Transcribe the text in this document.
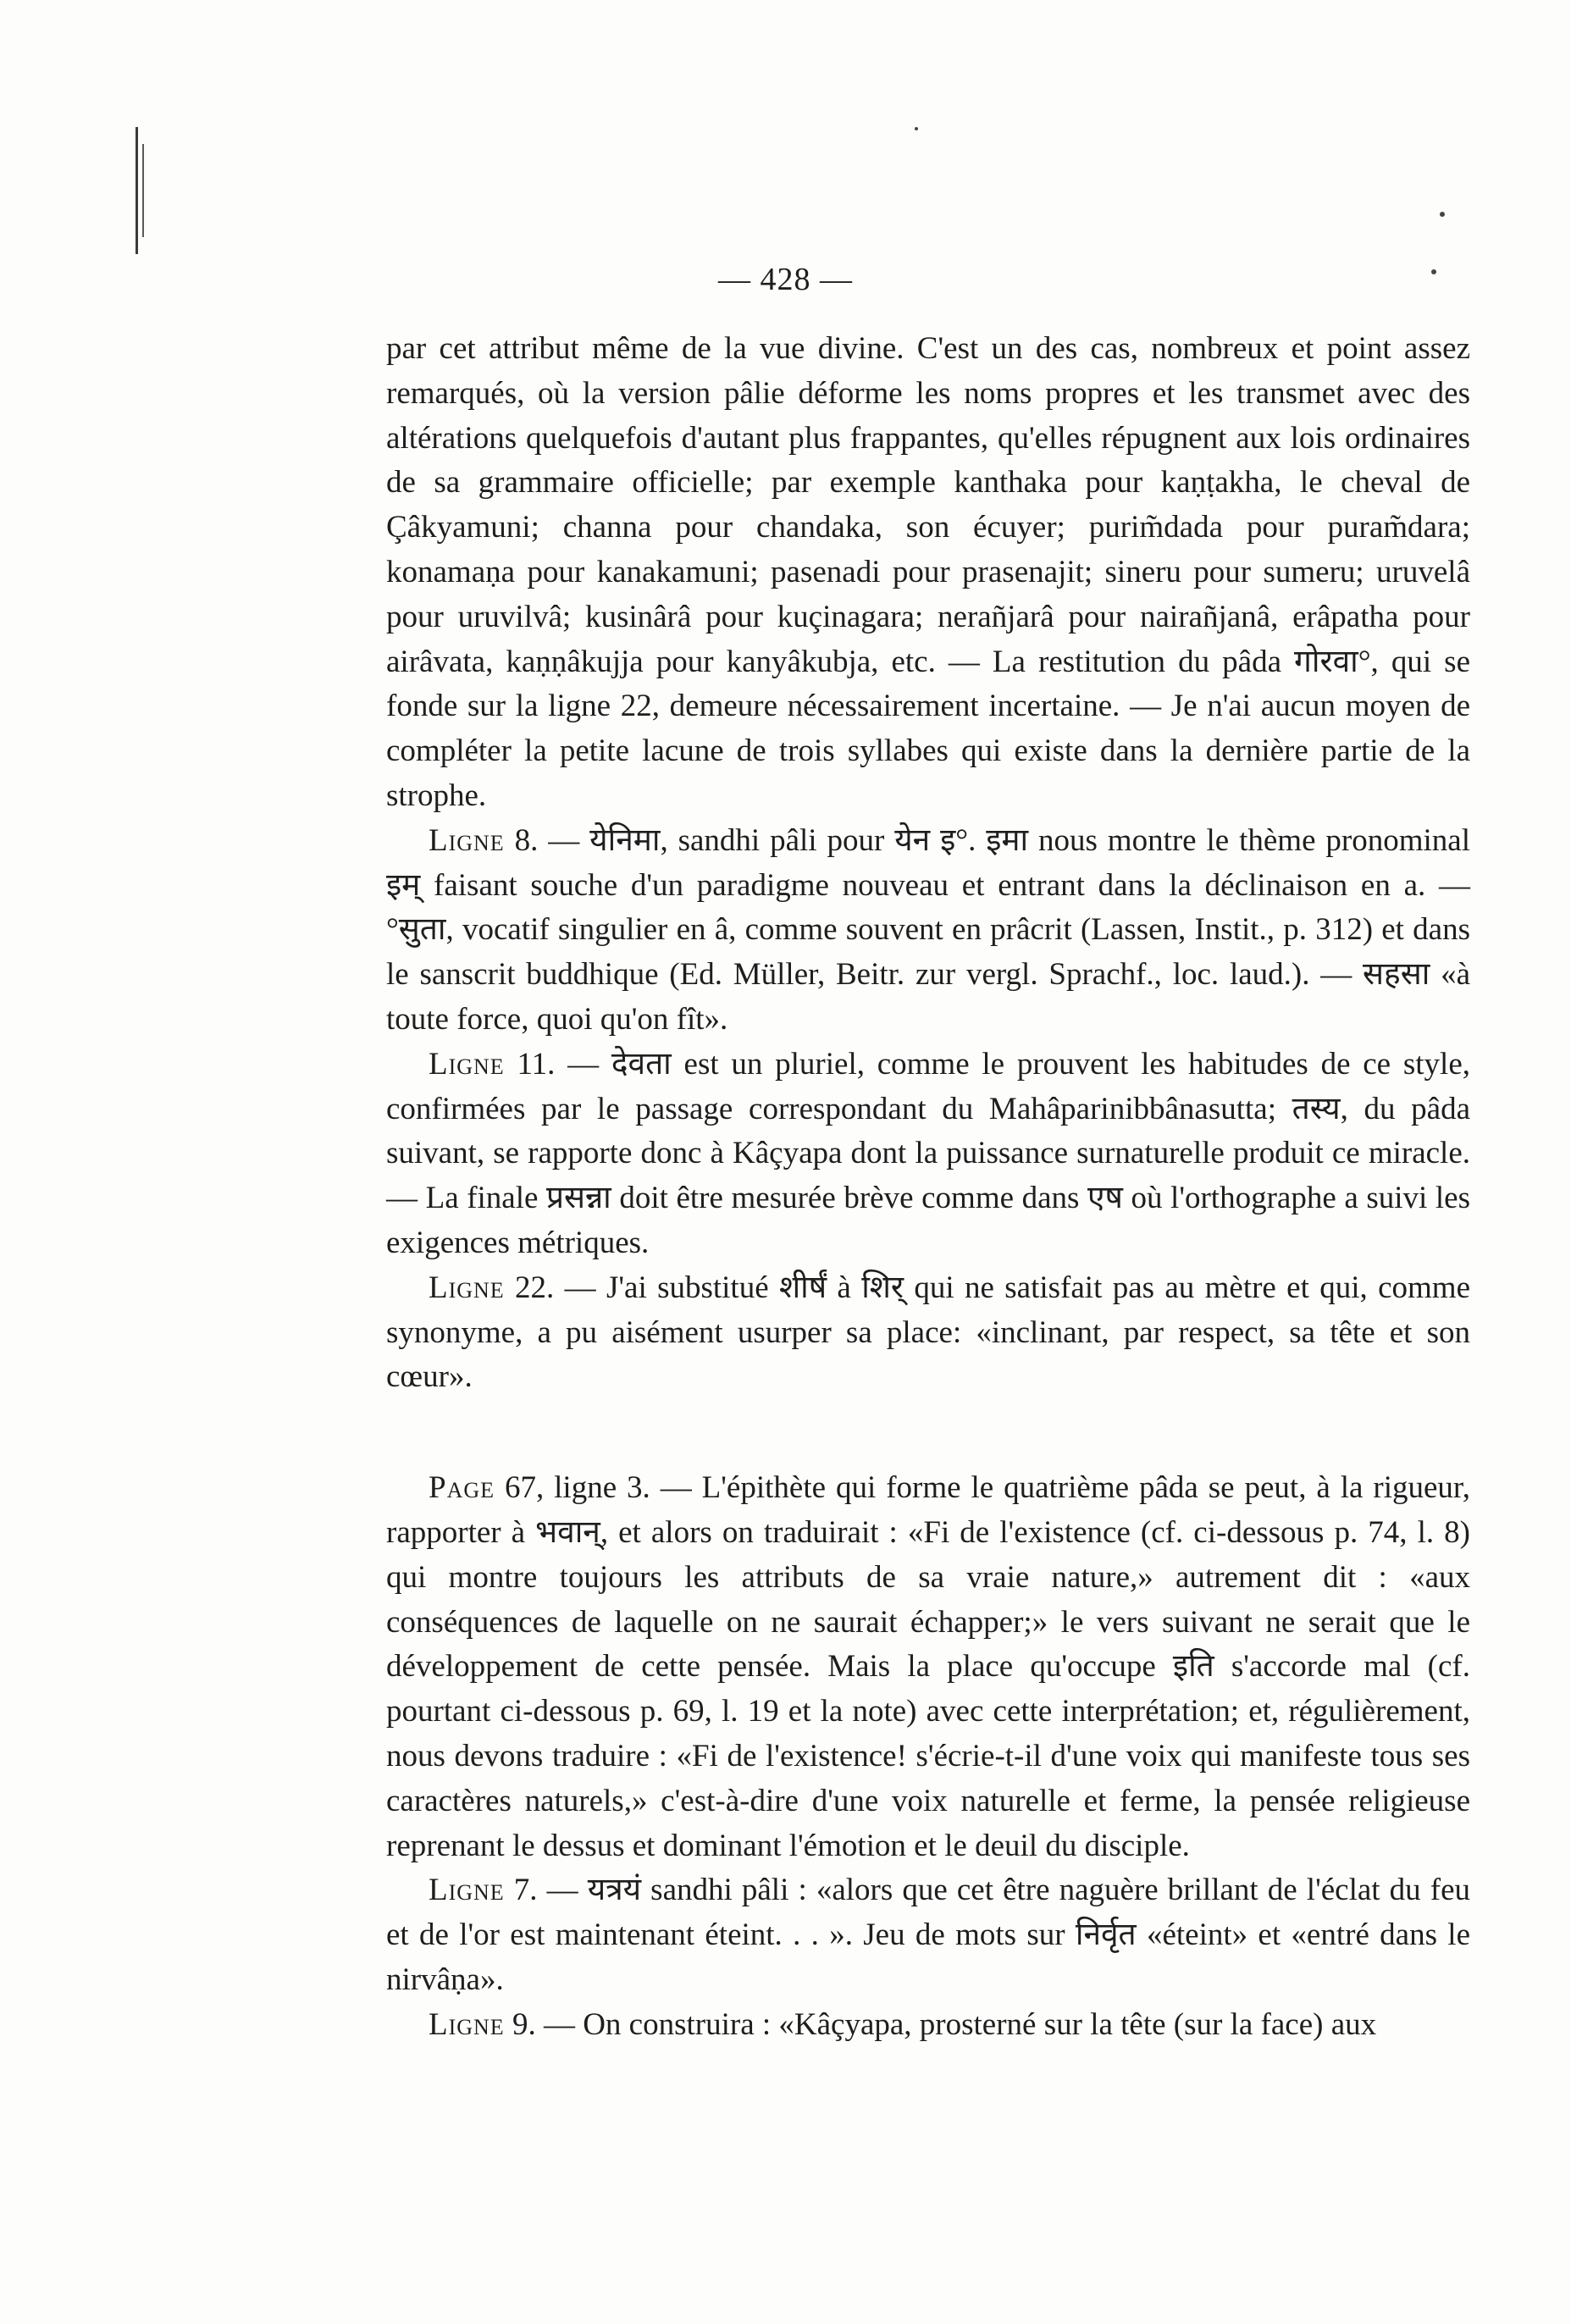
— 428 —

par cet attribut même de la vue divine. C'est un des cas, nombreux et point assez remarqués, où la version pâlie déforme les noms propres et les transmet avec des altérations quelquefois d'autant plus frappantes, qu'elles répugnent aux lois ordinaires de sa grammaire officielle; par exemple kanthaka pour kaṇṭakha, le cheval de Çâkyamuni; channa pour chandaka, son écuyer; purim̃dada pour puram̃dara; konamaṇa pour kanakamuni; pasenadi pour prasenajit; sineru pour sumeru; uruvelâ pour uruvilvâ; kusinârâ pour kuçinagara; nerañjarâ pour nairañjanâ, erâpatha pour airâvata, kaṇṇâkujja pour kanyâkubja, etc. — La restitution du pâda गोरवा°, qui se fonde sur la ligne 22, demeure nécessairement incertaine. — Je n'ai aucun moyen de compléter la petite lacune de trois syllabes qui existe dans la dernière partie de la strophe.

Ligne 8. — येनिमा, sandhi pâli pour येन इ°. इमा nous montre le thème pronominal इम् faisant souche d'un paradigme nouveau et entrant dans la déclinaison en a. — °सुता, vocatif singulier en â, comme souvent en prâcrit (Lassen, Instit., p. 312) et dans le sanscrit buddhique (Ed. Müller, Beitr. zur vergl. Sprachf., loc. laud.). — सहसा «à toute force, quoi qu'on fît».

Ligne 11. — देवता est un pluriel, comme le prouvent les habitudes de ce style, confirmées par le passage correspondant du Mahâparinibbânasutta; तस्य, du pâda suivant, se rapporte donc à Kâçyapa dont la puissance surnaturelle produit ce miracle. — La finale प्रसन्ना doit être mesurée brève comme dans एष où l'orthographe a suivi les exigences métriques.

Ligne 22. — J'ai substitué शीर्षं à शिर् qui ne satisfait pas au mètre et qui, comme synonyme, a pu aisément usurper sa place: «inclinant, par respect, sa tête et son cœur».

Page 67, ligne 3. — L'épithète qui forme le quatrième pâda se peut, à la rigueur, rapporter à भवान्, et alors on traduirait : «Fi de l'existence (cf. ci-dessous p. 74, l. 8) qui montre toujours les attributs de sa vraie nature,» autrement dit : «aux conséquences de laquelle on ne saurait échapper;» le vers suivant ne serait que le développement de cette pensée. Mais la place qu'occupe इति s'accorde mal (cf. pourtant ci-dessous p. 69, l. 19 et la note) avec cette interprétation; et, régulièrement, nous devons traduire : «Fi de l'existence! s'écrie-t-il d'une voix qui manifeste tous ses caractères naturels,» c'est-à-dire d'une voix naturelle et ferme, la pensée religieuse reprenant le dessus et dominant l'émotion et le deuil du disciple.

Ligne 7. — यत्रयं sandhi pâli : «alors que cet être naguère brillant de l'éclat du feu et de l'or est maintenant éteint. . . ». Jeu de mots sur निर्वृत «éteint» et «entré dans le nirvâṇa».

Ligne 9. — On construira : «Kâçyapa, prosterné sur la tête (sur la face) aux
